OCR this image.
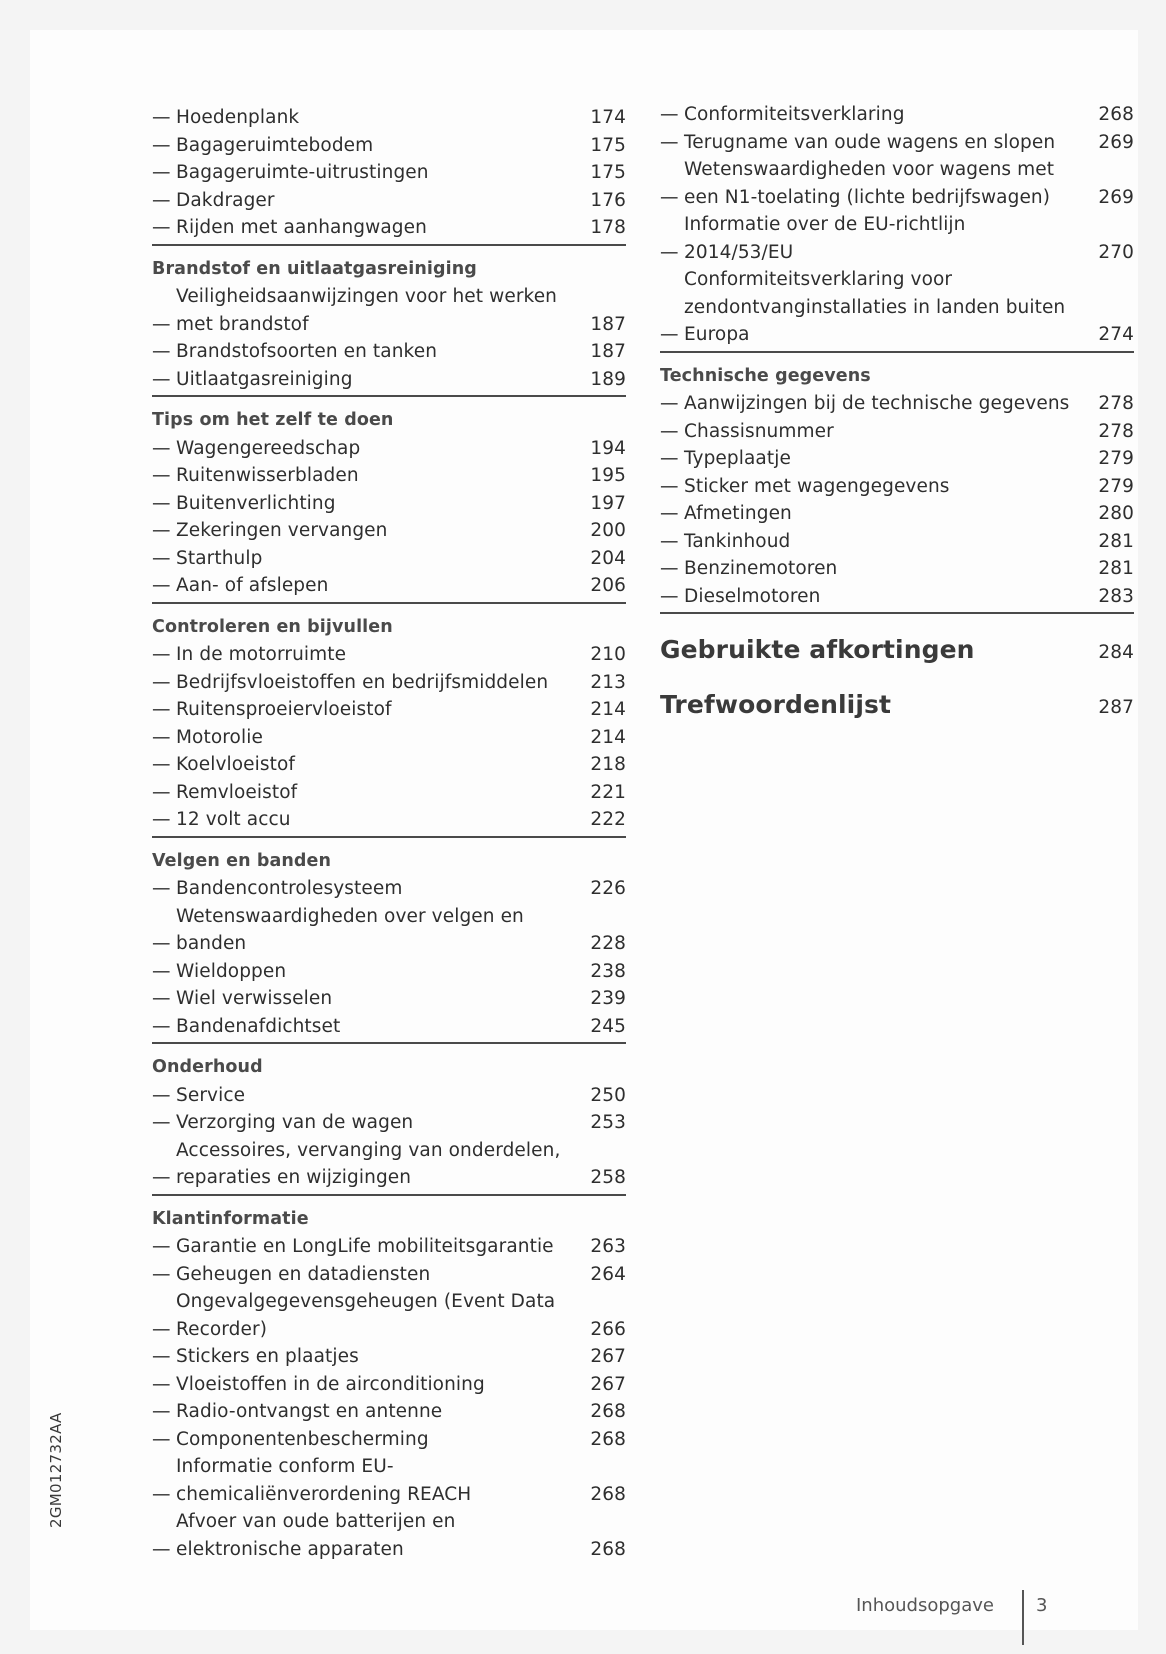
— Hoedenplank	174
— Bagageruimtebodem	175
— Bagageruimte-uitrustingen	175
— Dakdrager	176
— Rijden met aanhangwagen	178
Brandstof en uitlaatgasreiniging
—
Veiligheidsaanwijzingen voor het werken met brandstof	187
— Brandstofsoorten en tanken	187
— Uitlaatgasreiniging	189
Tips om het zelf te doen
— Wagengereedschap	194
— Ruitenwisserbladen	195
— Buitenverlichting	197
— Zekeringen vervangen	200
— Starthulp	204
— Aan- of afslepen	206
Controleren en bijvullen
— In de motorruimte	210
— Bedrijfsvloeistoffen en bedrijfsmiddelen	213
— Ruitensproeiervloeistof	214
— Motorolie	214
— Koelvloeistof	218
— Remvloeistof	221
— 12 volt accu	222
Velgen en banden
— Bandencontrolesysteem	226
—
Wetenswaardigheden over velgen en banden	228
— Wieldoppen	238
— Wiel verwisselen	239
— Bandenafdichtset	245
Onderhoud
— Service	250
— Verzorging van de wagen	253
—
Accessoires, vervanging van onderdelen, reparaties en wijzigingen	258
Klantinformatie
— Garantie en LongLife mobiliteitsgarantie	263
— Geheugen en datadiensten	264
—
Ongevalgegevensgeheugen (Event Data Recorder)	266
— Stickers en plaatjes	267
— Vloeistoffen in de airconditioning	267
— Radio-ontvangst en antenne	268
— Componentenbescherming	268
—
Informatie conform EU-chemicaliënverordening REACH	268
—
Afvoer van oude batterijen en elektronische apparaten	268
— Conformiteitsverklaring	268
— Terugname van oude wagens en slopen	269
—
Wetenswaardigheden voor wagens met een N1-toelating (lichte bedrijfswagen)	269
—
Informatie over de EU-richtlijn 2014/53/EU	270
—
Conformiteitsverklaring voor zendontvanginstallaties in landen buiten Europa	274
Technische gegevens
— Aanwijzingen bij de technische gegevens	278
— Chassisnummer	278
— Typeplaatje	279
— Sticker met wagengegevens	279
— Afmetingen	280
— Tankinhoud	281
— Benzinemotoren	281
— Dieselmotoren	283
Gebruikte afkortingen	284
Trefwoordenlijst	287
2GM012732AA
Inhoudsopgave 3
